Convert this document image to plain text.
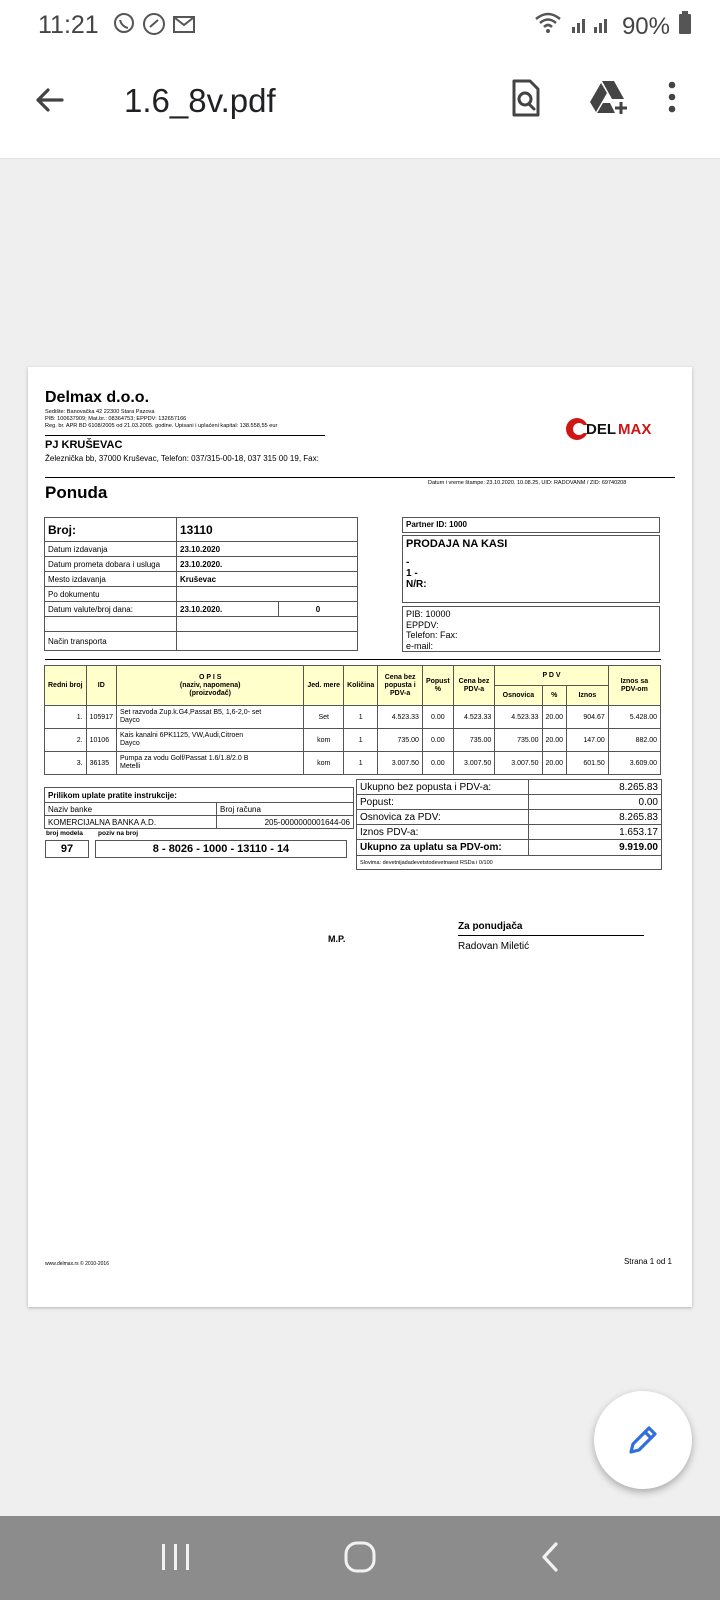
11:21	90%
1.6_8v.pdf
Delmax d.o.o.
Sedište: Banovačka 42 22300 Stara Pazova
PIB: 100637909; Mat.br.: 08364753; EPPDV: 132657166
Reg. br. APR BD 6108/2005 od 21.03.2005. godine. Upisani i uplaćeni kapital: 138.558,55 eur
PJ KRUŠEVAC
Železnička bb, 37000 Kruševac, Telefon: 037/315-00-18, 037 315 00 19, Fax:
DEL MAX
Datum i vreme štampe: 23.10.2020. 10.08.25, UID: RADOVANM / ZID: 69740208
Ponuda
Broj:	13110	
Datum izdavanja	23.10.2020	
Datum prometa dobara i usluga	23.10.2020.	
Mesto izdavanja	Kruševac	
Po dokumentu		
Datum valute/broj dana:	23.10.2020.	0

Način transporta		
Partner ID: 1000
PRODAJA NA KASI
-
1 -
N/R:
PIB: 10000
EPPDV:
Telefon: Fax:
e-mail:
Redni broj	ID	O P I S
(naziv, napomena)
(proizvođač)	Jed. mere	Količina	Cena bez popusta i PDV-a	Popust %	Cena bez PDV-a	P D V			Iznos sa PDV-om
								Osnovica	%	Iznos	
1.	105917	Set razvoda Zup.k.G4,Passat B5, 1,6-2,0- set
Dayco	Set	1	4.523.33	0.00	4.523.33	4.523.33	20.00	904.67	5.428.00
2.	10106	Kais kanalni 6PK1125, VW,Audi,Citroen
Dayco	kom	1	735.00	0.00	735.00	735.00	20.00	147.00	882.00
3.	36135	Pumpa za vodu Golf/Passat 1.6/1.8/2.0 B
Metelli	kom	1	3.007.50	0.00	3.007.50	3.007.50	20.00	601.50	3.609.00
Prilikom uplate pratite instrukcije:	
Naziv banke	Broj računa
KOMERCIJALNA BANKA A.D.	205-0000000001644-06
broj modela poziv na broj
97	8 - 8026 - 1000 - 13110 - 14
Ukupno bez popusta i PDV-a:	8.265.83
Popust:	0.00
Osnovica za PDV:	8.265.83
Iznos PDV-a:	1.653.17
Ukupno za uplatu sa PDV-om:	9.919.00
Slovima: devetnijadadevetstodevetnaest RSDa i 0/100	
M.P.
Za ponudjača
Radovan Miletić
www.delmax.rs © 2010-2016	Strana 1 od 1
